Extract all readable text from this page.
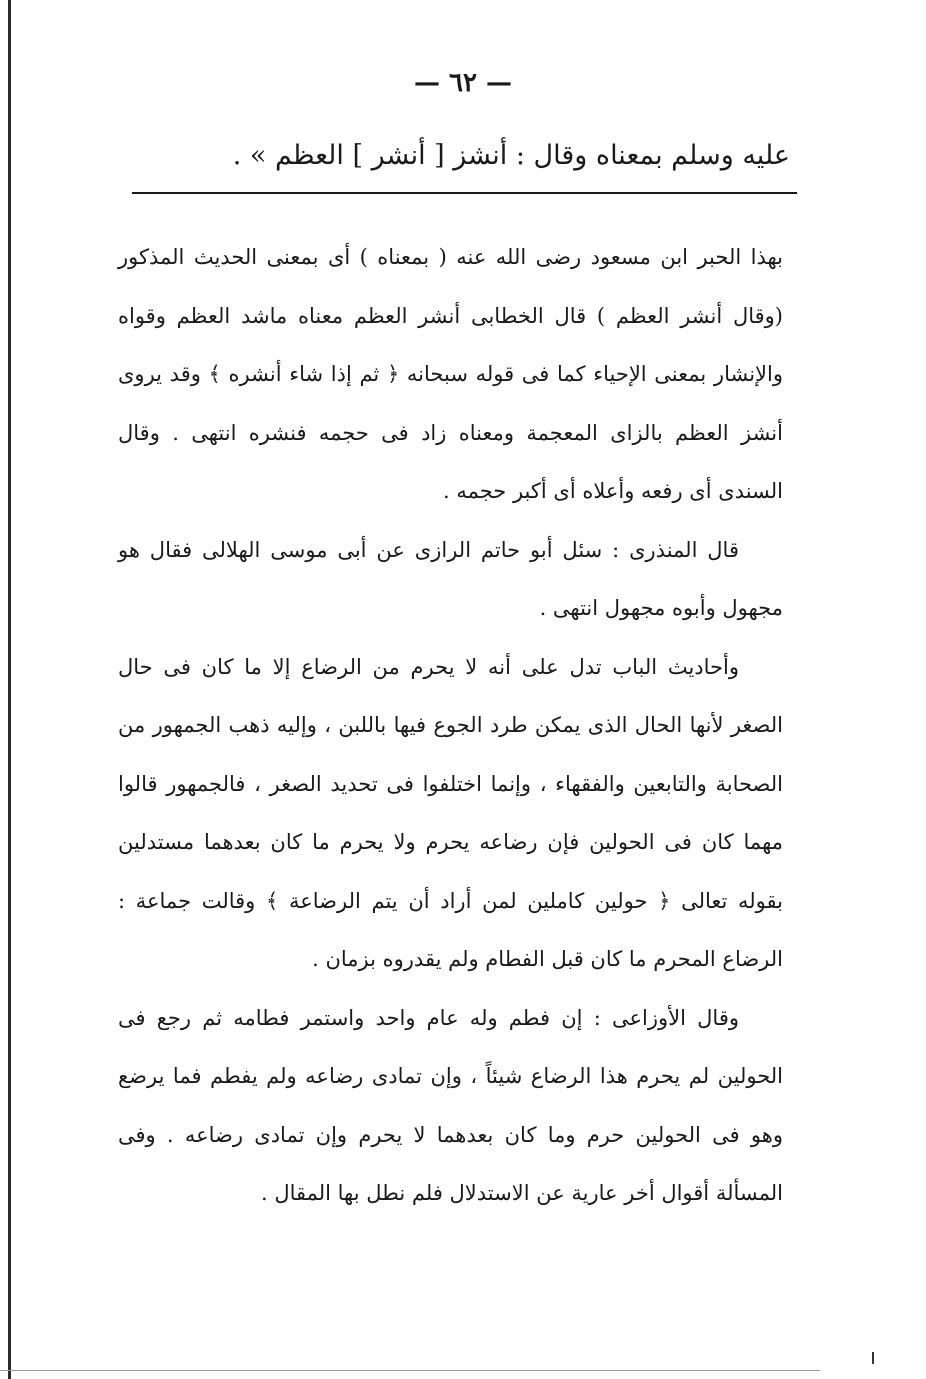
— ٦٢ —
عليه وسلم بمعناه وقال : أنشز [ أنشر ] العظم » .

بهذا الحبر ابن مسعود رضى الله عنه ( بمعناه ) أى بمعنى الحديث المذكور (وقال أنشر العظم ) قال الخطابى أنشر العظم معناه ماشد العظم وقواه والإنشار بمعنى الإحياء كما فى قوله سبحانه ﴿ ثم إذا شاء أنشره ﴾ وقد يروى أنشز العظم بالزاى المعجمة ومعناه زاد فى حجمه فنشره انتهى . وقال السندى أى رفعه وأعلاه أى أكبر حجمه .

قال المنذرى : سئل أبو حاتم الرازى عن أبى موسى الهلالى فقال هو مجهول وأبوه مجهول انتهى .

وأحاديث الباب تدل على أنه لا يحرم من الرضاع إلا ما كان فى حال الصغر لأنها الحال الذى يمكن طرد الجوع فيها باللبن ، وإليه ذهب الجمهور من الصحابة والتابعين والفقهاء ، وإنما اختلفوا فى تحديد الصغر ، فالجمهور قالوا مهما كان فى الحولين فإن رضاعه يحرم ولا يحرم ما كان بعدهما مستدلين بقوله تعالى ﴿ حولين كاملين لمن أراد أن يتم الرضاعة ﴾ وقالت جماعة : الرضاع المحرم ما كان قبل الفطام ولم يقدروه بزمان .

وقال الأوزاعى : إن فطم وله عام واحد واستمر فطامه ثم رجع فى الحولين لم يحرم هذا الرضاع شيئاً ، وإن تمادى رضاعه ولم يفطم فما يرضع وهو فى الحولين حرم وما كان بعدهما لا يحرم وإن تمادى رضاعه . وفى المسألة أقوال أخر عارية عن الاستدلال فلم نطل بها المقال .
